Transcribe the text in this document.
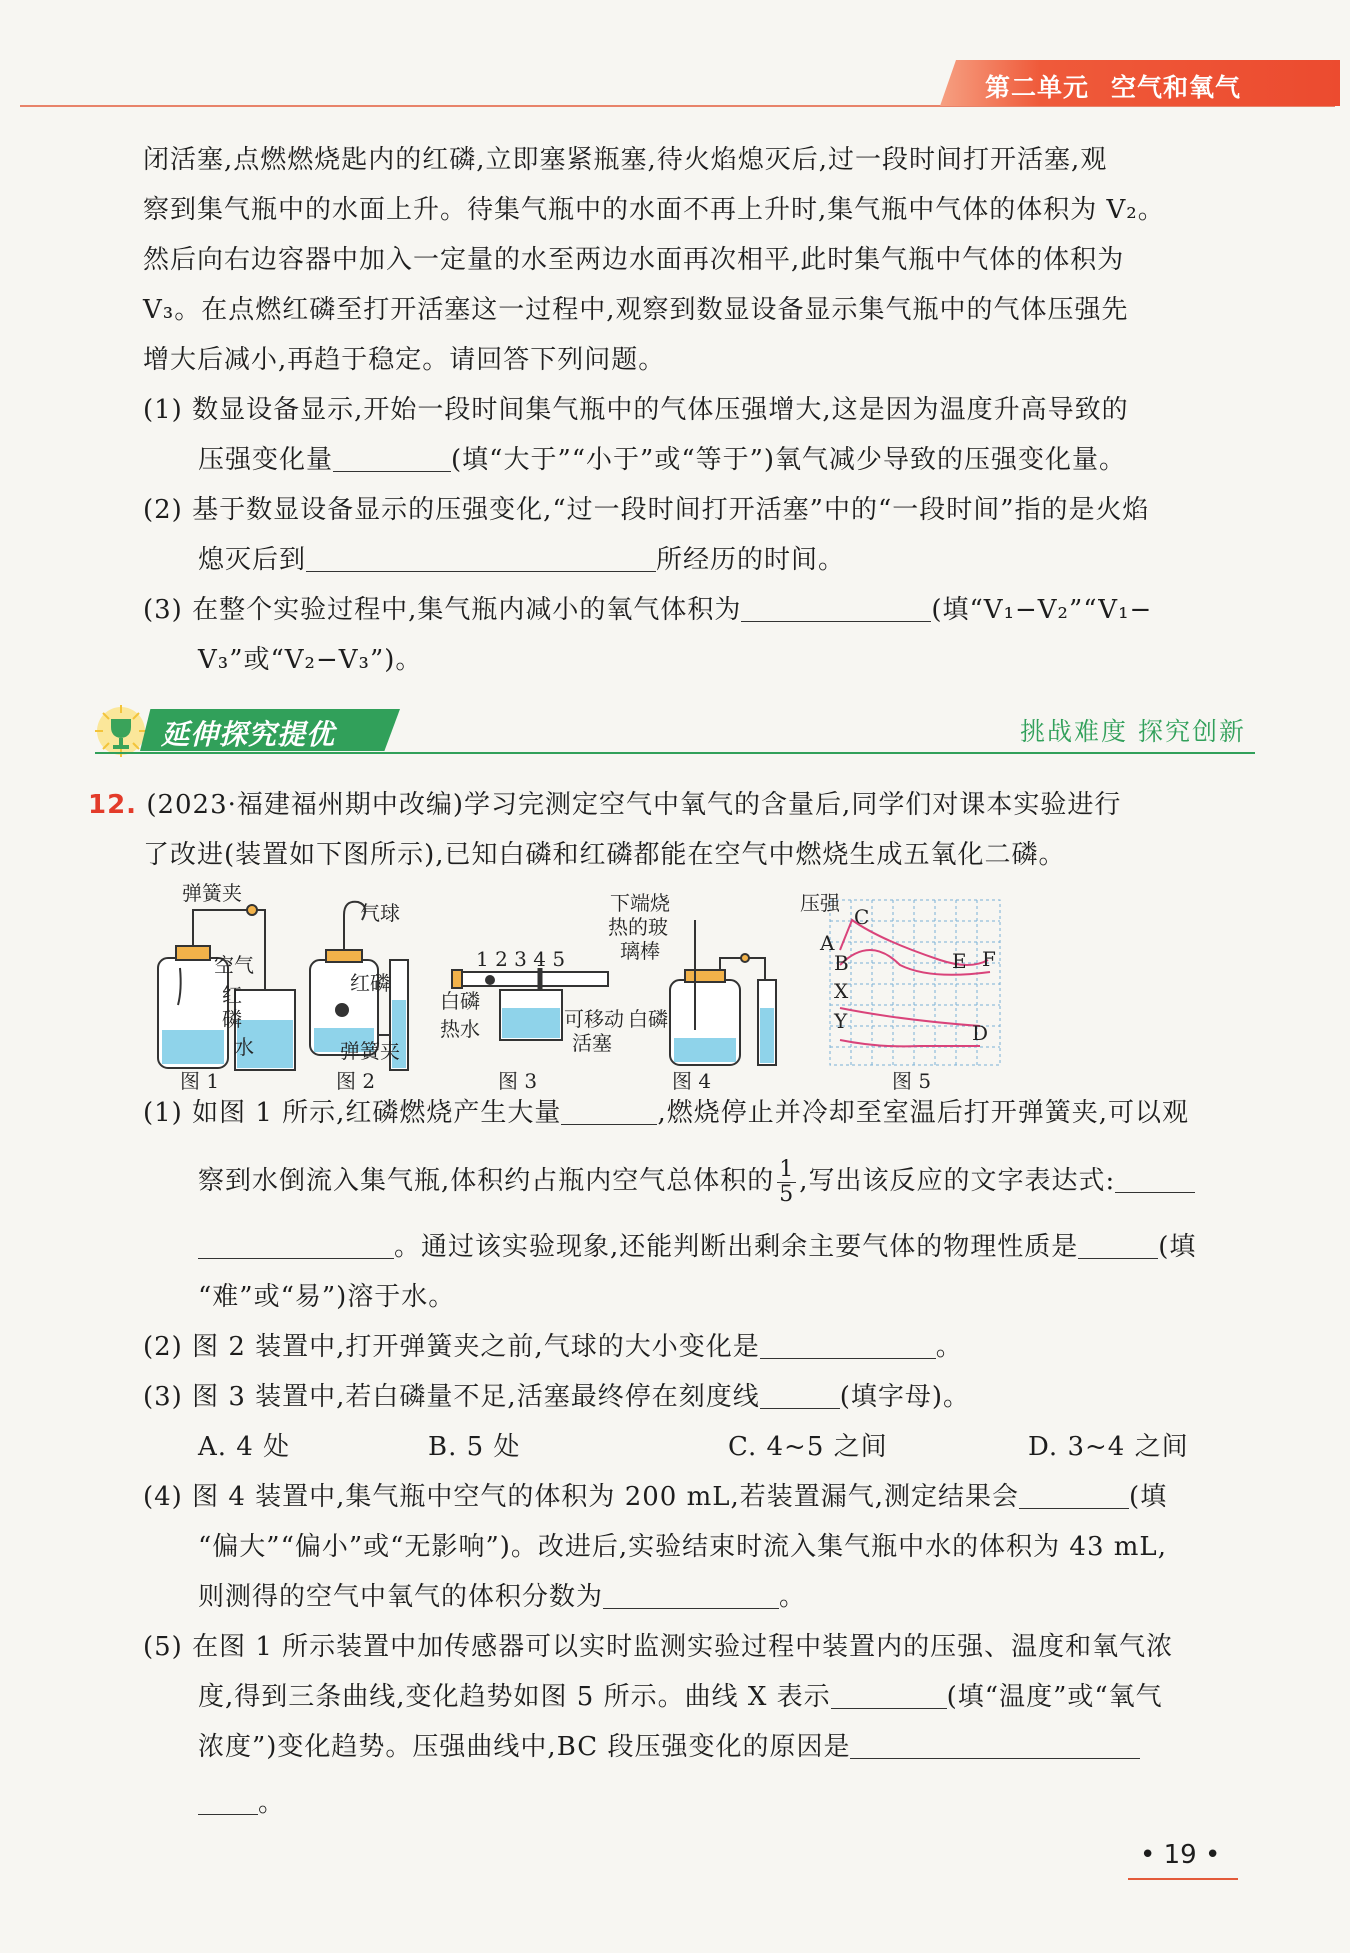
第二单元 空气和氧气
闭活塞,点燃燃烧匙内的红磷,立即塞紧瓶塞,待火焰熄灭后,过一段时间打开活塞,观
察到集气瓶中的水面上升。待集气瓶中的水面不再上升时,集气瓶中气体的体积为 V₂。
然后向右边容器中加入一定量的水至两边水面再次相平,此时集气瓶中气体的体积为
V₃。在点燃红磷至打开活塞这一过程中,观察到数显设备显示集气瓶中的气体压强先
增大后减小,再趋于稳定。请回答下列问题。
(1) 数显设备显示,开始一段时间集气瓶中的气体压强增大,这是因为温度升高导致的
压强变化量	(填“大于”“小于”或“等于”)氧气减少导致的压强变化量。
(2) 基于数显设备显示的压强变化,“过一段时间打开活塞”中的“一段时间”指的是火焰
熄灭后到	所经历的时间。
(3) 在整个实验过程中,集气瓶内减小的氧气体积为	(填“V₁−V₂”“V₁−
V₃”或“V₂−V₃”)。
延伸探究提优	挑战难度 探究创新
12. (2023·福建福州期中改编)学习完测定空气中氧气的含量后,同学们对课本实验进行
了改进(装置如下图所示),已知白磷和红磷都能在空气中燃烧生成五氧化二磷。
弹簧夹
空气
红
磷
水
图 1
气球
红磷
弹簧夹
图 2
1 2 3 4 5
白磷
热水	可移动
活塞
图 3
下端烧
热的玻
璃棒
白磷
图 4
压强
A
B
C
D
E F
X
Y
图 5
(1) 如图 1 所示,红磷燃烧产生大量	,燃烧停止并冷却至室温后打开弹簧夹,可以观
察到水倒流入集气瓶,体积约占瓶内空气总体积的 $\frac{1}{5}$ ,写出该反应的文字表达式:
。通过该实验现象,还能判断出剩余主要气体的物理性质是	(填
“难”或“易”)溶于水。
(2) 图 2 装置中,打开弹簧夹之前,气球的大小变化是	。
(3) 图 3 装置中,若白磷量不足,活塞最终停在刻度线	(填字母)。
A. 4 处	B. 5 处	C. 4~5 之间	D. 3~4 之间
(4) 图 4 装置中,集气瓶中空气的体积为 200 mL,若装置漏气,测定结果会	(填
“偏大”“偏小”或“无影响”)。改进后,实验结束时流入集气瓶中水的体积为 43 mL,
则测得的空气中氧气的体积分数为	。
(5) 在图 1 所示装置中加传感器可以实时监测实验过程中装置内的压强、温度和氧气浓
度,得到三条曲线,变化趋势如图 5 所示。曲线 X 表示	(填“温度”或“氧气
浓度”)变化趋势。压强曲线中,BC 段压强变化的原因是
。
• 19 •
